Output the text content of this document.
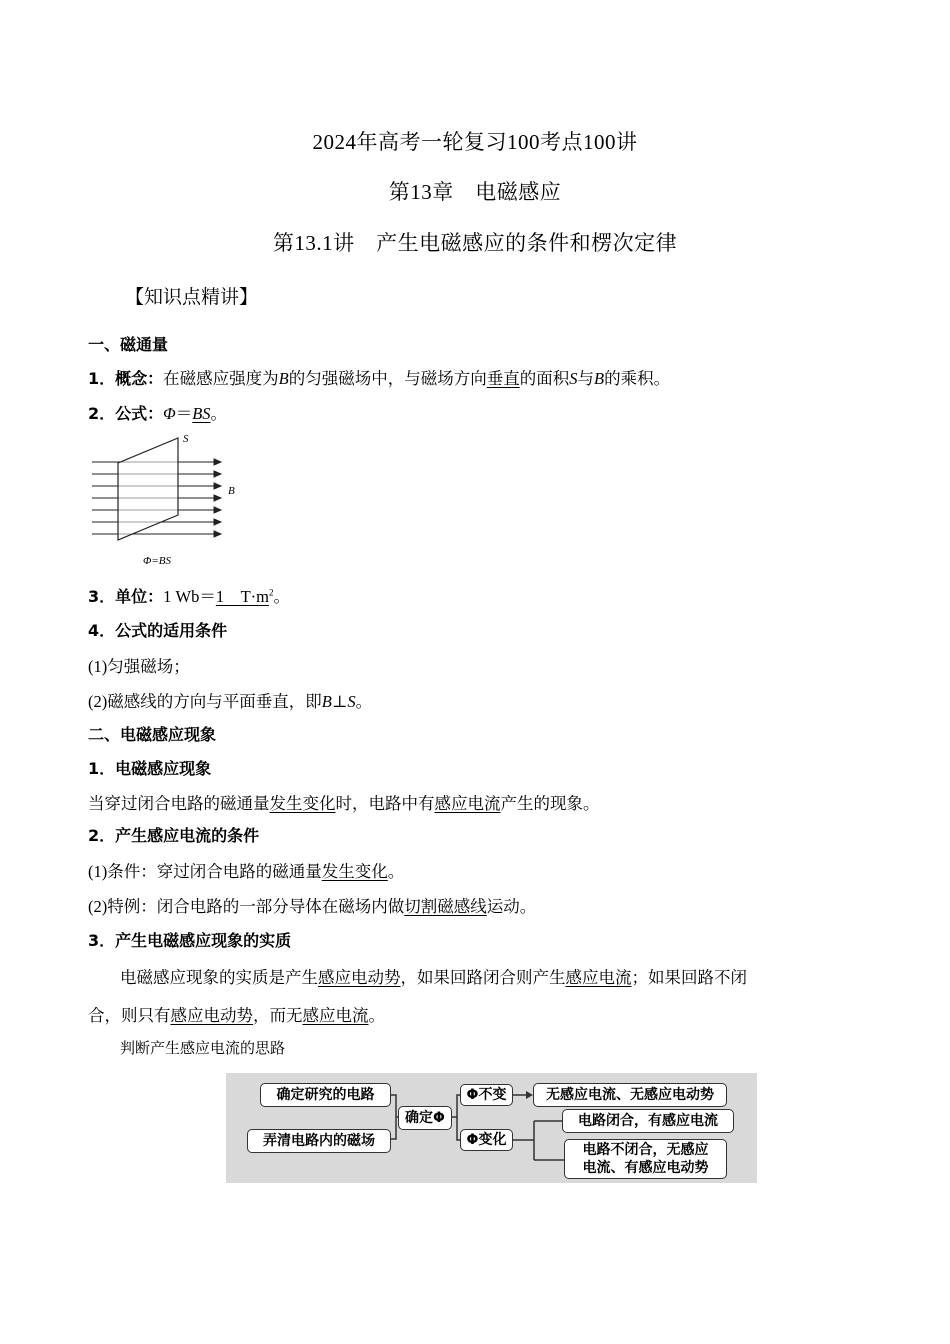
2024年高考一轮复习100考点100讲
第13章　电磁感应
第13.1讲　产生电磁感应的条件和楞次定律
【知识点精讲】
一、磁通量
1．概念：在磁感应强度为B的匀强磁场中，与磁场方向垂直的面积S与B的乘积。
2．公式：Φ＝BS。
S
B
Φ=BS
3．单位：1 Wb＝1　$T\cdot m^2$。
4．公式的适用条件
(1)匀强磁场；
(2)磁感线的方向与平面垂直，即B⊥S。
二、电磁感应现象
1．电磁感应现象
当穿过闭合电路的磁通量发生变化时，电路中有感应电流产生的现象。
2．产生感应电流的条件
(1)条件：穿过闭合电路的磁通量发生变化。
(2)特例：闭合电路的一部分导体在磁场内做切割磁感线运动。
3．产生电磁感应现象的实质
电磁感应现象的实质是产生感应电动势，如果回路闭合则产生感应电流；如果回路不闭
合，则只有感应电动势，而无感应电流。
判断产生感应电流的思路
确定研究的电路
弄清电路内的磁场
确定Φ
Φ不变
Φ变化
无感应电流、无感应电动势
电路闭合，有感应电流
电路不闭合，无感应
电流、有感应电动势
